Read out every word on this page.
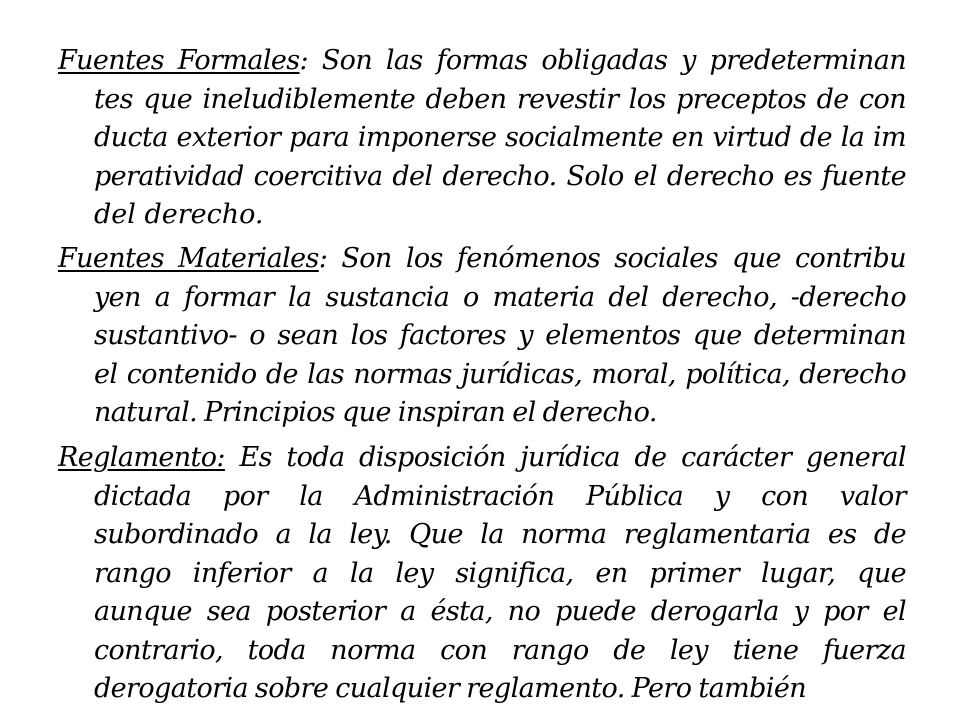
Fuentes Formales: Son las formas obligadas y predeterminan
tes que ineludiblemente deben revestir los preceptos de con
ducta exterior para imponerse socialmente en virtud de la im
peratividad coercitiva del derecho. Solo el derecho es fuente
del derecho.
Fuentes Materiales: Son los fenómenos sociales que contribu
yen a formar la sustancia o materia del derecho, -derecho
sustantivo- o sean los factores y elementos que determinan
el contenido de las normas jurídicas, moral, política, derecho
natural. Principios que inspiran el derecho.
Reglamento: Es toda disposición jurídica de carácter general
dictada por la Administración Pública y con valor
subordinado a la ley. Que la norma reglamentaria es de
rango inferior a la ley significa, en primer lugar, que
aunque sea posterior a ésta, no puede derogarla y por el
contrario, toda norma con rango de ley tiene fuerza
derogatoria sobre cualquier reglamento. Pero también
